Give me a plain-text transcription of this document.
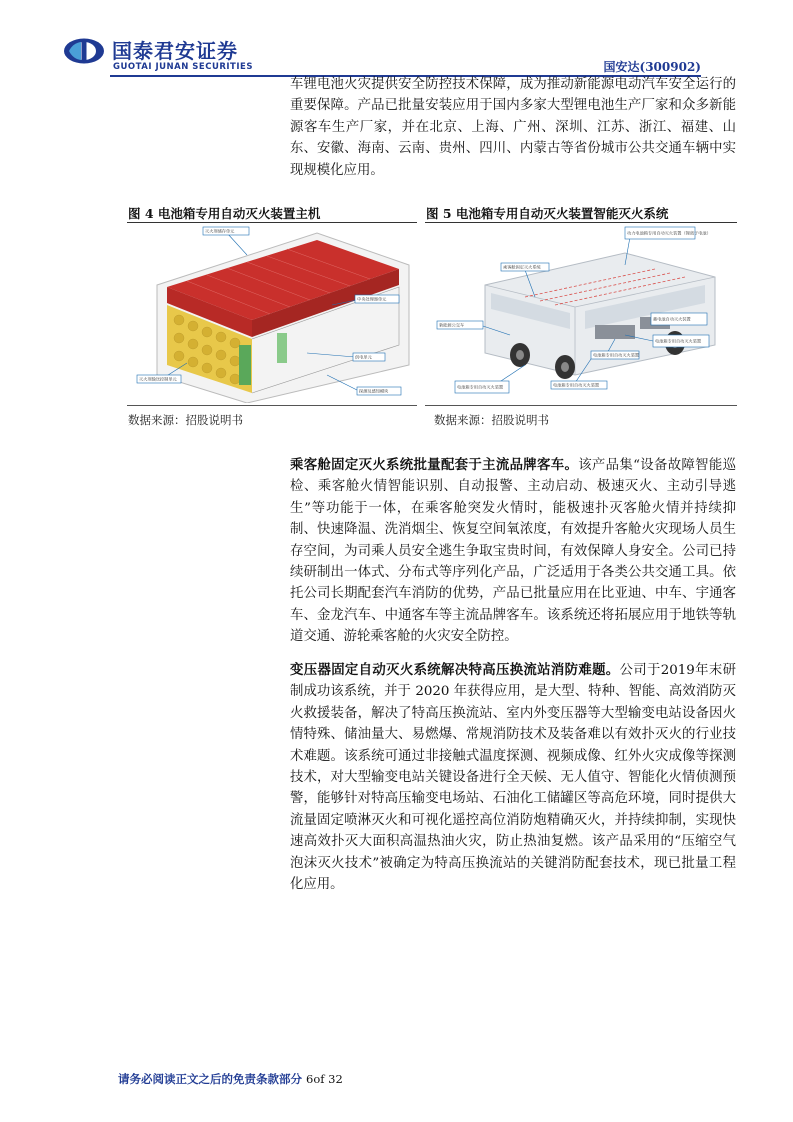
国泰君安证券
GUOTAI JUNAN SECURITIES	国安达(300902)

车锂电池火灾提供安全防控技术保障，成为推动新能源电动汽车安全运行的重要保障。产品已批量安装应用于国内多家大型锂电池生产厂家和众多新能源客车生产厂家，并在北京、上海、广州、深圳、江苏、浙江、福建、山东、安徽、海南、云南、贵州、四川、内蒙古等省份城市公共交通车辆中实现规模化应用。

图 4 电池箱专用自动灭火装置主机
灭火剂储存单元
中央处理器单元
供电单元
灭火剂输送控制单元
探测及感知模块
数据来源：招股说明书
图 5 电池箱专用自动灭火装置智能灭火系统
动力电池箱专用自动灭火装置（锂离子电池）
乘客舱固定灭火系统
蓄电池自动灭火装置
新能源公交车
电池箱专用自动灭火装置
电池箱专用自动灭火装置	电池箱专用自动灭火装置
电池箱专用自动灭火装置
数据来源：招股说明书

乘客舱固定灭火系统批量配套于主流品牌客车。该产品集“设备故障智能巡检、乘客舱火情智能识别、自动报警、主动启动、极速灭火、主动引导逃生”等功能于一体，在乘客舱突发火情时，能极速扑灭客舱火情并持续抑制、快速降温、洗消烟尘、恢复空间氧浓度，有效提升客舱火灾现场人员生存空间，为司乘人员安全逃生争取宝贵时间，有效保障人身安全。公司已持续研制出一体式、分布式等序列化产品，广泛适用于各类公共交通工具。依托公司长期配套汽车消防的优势，产品已批量应用在比亚迪、中车、宇通客车、金龙汽车、中通客车等主流品牌客车。该系统还将拓展应用于地铁等轨道交通、游轮乘客舱的火灾安全防控。

变压器固定自动灭火系统解决特高压换流站消防难题。公司于2019年末研制成功该系统，并于 2020 年获得应用，是大型、特种、智能、高效消防灭火救援装备，解决了特高压换流站、室内外变压器等大型输变电站设备因火情特殊、储油量大、易燃爆、常规消防技术及装备难以有效扑灭火的行业技术难题。该系统可通过非接触式温度探测、视频成像、红外火灾成像等探测技术，对大型输变电站关键设备进行全天候、无人值守、智能化火情侦测预警，能够针对特高压输变电场站、石油化工储罐区等高危环境，同时提供大流量固定喷淋灭火和可视化遥控高位消防炮精确灭火，并持续抑制，实现快速高效扑灭大面积高温热油火灾，防止热油复燃。该产品采用的“压缩空气泡沫灭火技术”被确定为特高压换流站的关键消防配套技术，现已批量工程化应用。

请务必阅读正文之后的免责条款部分 6of 32
